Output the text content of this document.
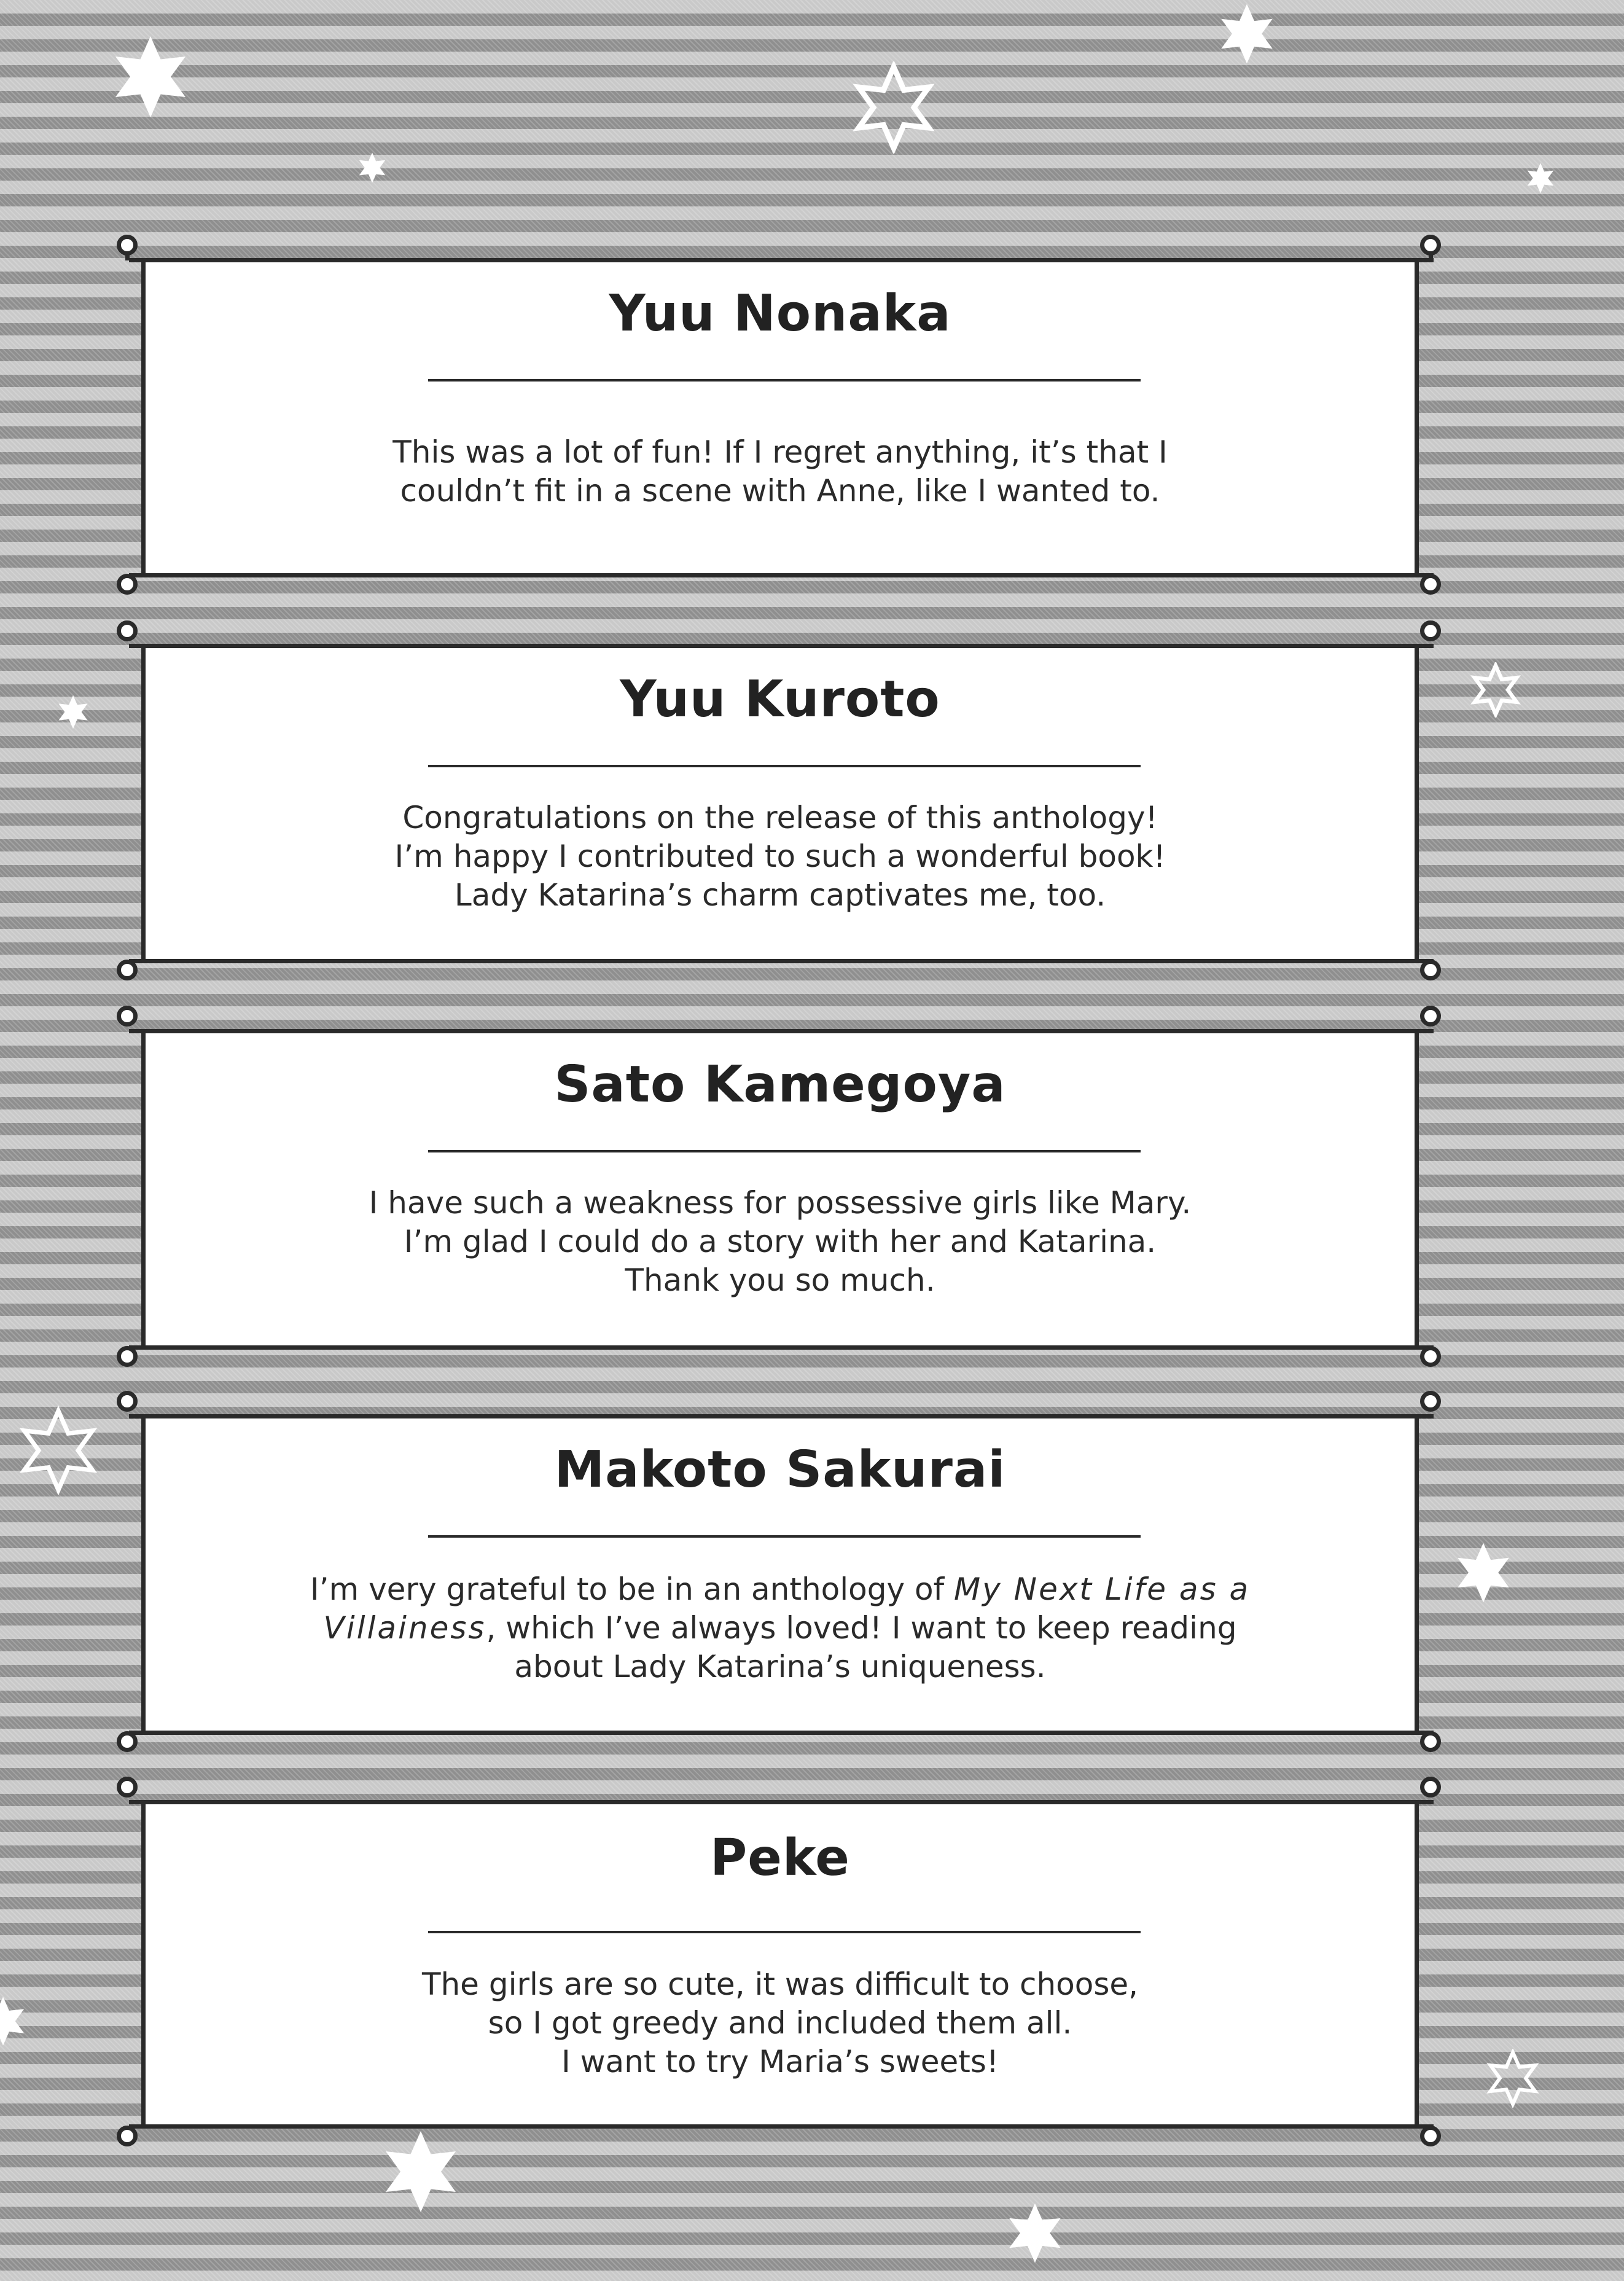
Yuu Nonaka
This was a lot of fun! If I regret anything, it’s that I
couldn’t fit in a scene with Anne, like I wanted to.
Yuu Kuroto
Congratulations on the release of this anthology!
I’m happy I contributed to such a wonderful book!
Lady Katarina’s charm captivates me, too.
Sato Kamegoya
I have such a weakness for possessive girls like Mary.
I’m glad I could do a story with her and Katarina.
Thank you so much.
Makoto Sakurai
I’m very grateful to be in an anthology of My Next Life as a
Villainess, which I’ve always loved! I want to keep reading
about Lady Katarina’s uniqueness.
Peke
The girls are so cute, it was difficult to choose,
so I got greedy and included them all.
I want to try Maria’s sweets!
